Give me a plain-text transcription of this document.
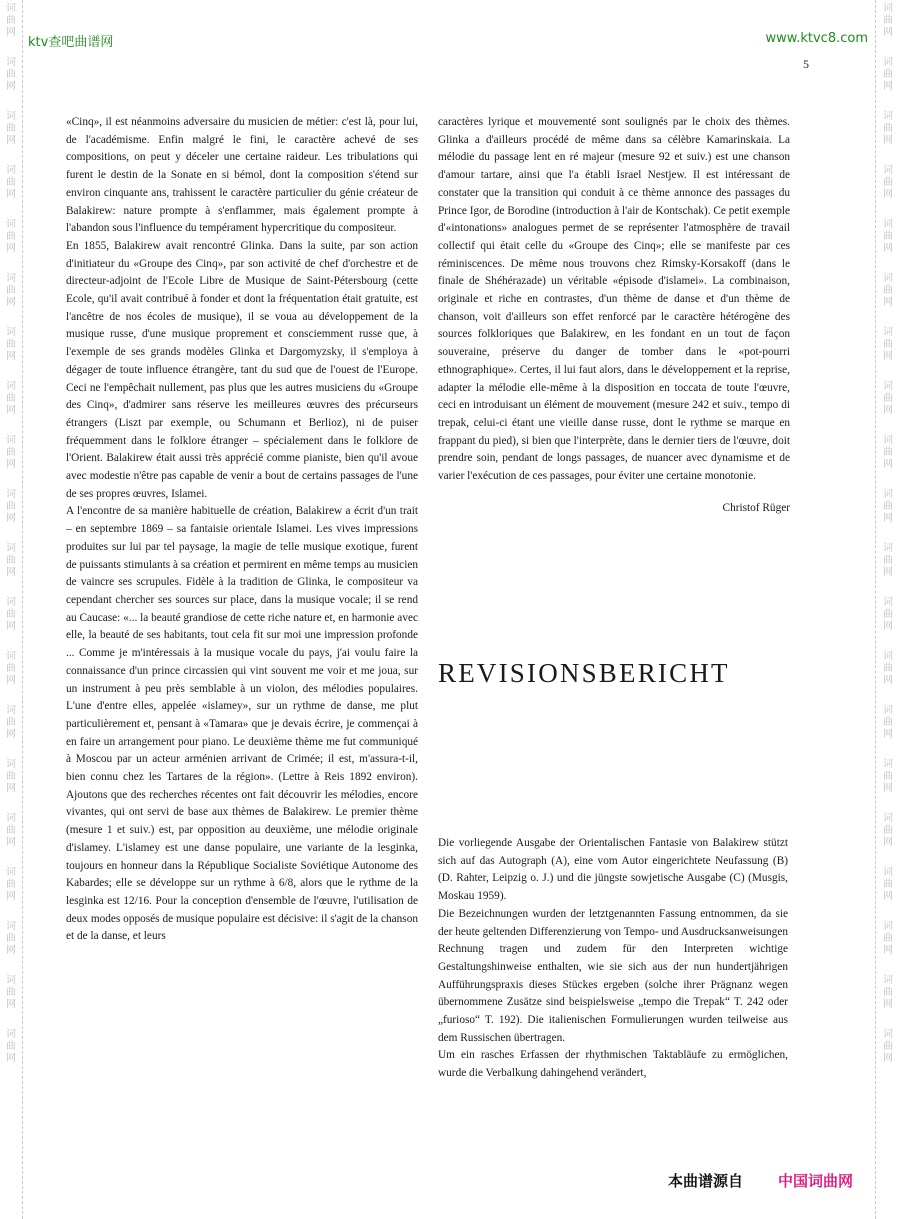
词
曲
网
词
曲
网
词
曲
网
词
曲
网
词
曲
网
词
曲
网
词
曲
网
词
曲
网
词
曲
网
词
曲
网
词
曲
网
词
曲
网
词
曲
网
词
曲
网
词
曲
网
词
曲
网
词
曲
网
词
曲
网
词
曲
网
词
曲
网
词
曲
网
词
曲
网
词
曲
网
词
曲
网
词
曲
网
词
曲
网
词
曲
网
词
曲
网
词
曲
网
词
曲
网
词
曲
网
词
曲
网
词
曲
网
词
曲
网
词
曲
网
词
曲
网
词
曲
网
词
曲
网
词
曲
网
词
曲
网
ktv查吧曲谱网	www.ktvc8.com
5

«Cinq», il est néanmoins adversaire du musicien de métier: c'est là, pour lui, de l'académisme. Enfin malgré le fini, le caractère achevé de ses compositions, on peut y déceler une certaine raideur. Les tribulations qui furent le destin de la Sonate en si bémol, dont la composition s'étend sur environ cinquante ans, trahissent le caractère particulier du génie créateur de Balakirew: nature prompte à s'enflammer, mais également prompte à l'abandon sous l'influence du tempérament hypercritique du compositeur.

En 1855, Balakirew avait rencontré Glinka. Dans la suite, par son action d'initiateur du «Groupe des Cinq», par son activité de chef d'orchestre et de directeur-adjoint de l'Ecole Libre de Musique de Saint-Pétersbourg (cette Ecole, qu'il avait contribué à fonder et dont la fréquentation était gratuite, est l'ancêtre de nos écoles de musique), il se voua au développement de la musique russe, d'une musique proprement et consciemment russe que, à l'exemple de ses grands modèles Glinka et Dargomyzsky, il s'employa à dégager de toute influence étrangère, tant du sud que de l'ouest de l'Europe. Ceci ne l'empêchait nullement, pas plus que les autres musiciens du «Groupe des Cinq», d'admirer sans réserve les meilleures œuvres des précurseurs étrangers (Liszt par exemple, ou Schumann et Berlioz), ni de puiser fréquemment dans le folklore étranger – spécialement dans le folklore de l'Orient. Balakirew était aussi très apprécié comme pianiste, bien qu'il avoue avec modestie n'être pas capable de venir a bout de certains passages de l'une de ses propres œuvres, Islamei.

A l'encontre de sa manière habituelle de création, Balakirew a écrit d'un trait – en septembre 1869 – sa fantaisie orientale Islamei. Les vives impressions produites sur lui par tel paysage, la magie de telle musique exotique, furent de puissants stimulants à sa création et permirent en même temps au musicien de vaincre ses scrupules. Fidèle à la tradition de Glinka, le compositeur va cependant chercher ses sources sur place, dans la musique vocale; il se rend au Caucase: «... la beauté grandiose de cette riche nature et, en harmonie avec elle, la beauté de ses habitants, tout cela fit sur moi une impression profonde ... Comme je m'intéressais à la musique vocale du pays, j'ai voulu faire la connaissance d'un prince circassien qui vint souvent me voir et me joua, sur un instrument à peu près semblable à un violon, des mélodies populaires. L'une d'entre elles, appelée «islamey», sur un rythme de danse, me plut particulièrement et, pensant à «Tamara» que je devais écrire, je commençai à en faire un arrangement pour piano. Le deuxième thème me fut communiqué à Moscou par un acteur arménien arrivant de Crimée; il est, m'assura-t-il, bien connu chez les Tartares de la région». (Lettre à Reis 1892 environ). Ajoutons que des recherches récentes ont fait découvrir les mélodies, encore vivantes, qui ont servi de base aux thèmes de Balakirew. Le premier thème (mesure 1 et suiv.) est, par opposition au deuxième, une mélodie originale d'islamey. L'islamey est une danse populaire, une variante de la lesginka, toujours en honneur dans la République Socialiste Soviétique Autonome des Kabardes; elle se développe sur un rythme à 6/8, alors que le rythme de la lesginka est 12/16. Pour la conception d'ensemble de l'œuvre, l'utilisation de deux modes opposés de musique populaire est décisive: il s'agit de la chanson et de la danse, et leurs

caractères lyrique et mouvementé sont soulignés par le choix des thèmes. Glinka a d'ailleurs procédé de même dans sa célèbre Kamarinskaia. La mélodie du passage lent en ré majeur (mesure 92 et suiv.) est une chanson d'amour tartare, ainsi que l'a établi Israel Nestjew. Il est intéressant de constater que la transition qui conduit à ce thème annonce des passages du Prince Igor, de Borodine (introduction à l'air de Kontschak). Ce petit exemple d'«intonations» analogues permet de se représenter l'atmosphère de travail collectif qui était celle du «Groupe des Cinq»; elle se manifeste par ces réminiscences. De même nous trouvons chez Rimsky-Korsakoff (dans le finale de Shéhérazade) un véritable «épisode d'islamei». La combinaison, originale et riche en contrastes, d'un thème de danse et d'un thème de chanson, voit d'ailleurs son effet renforcé par le caractère hétérogène des sources folkloriques que Balakirew, en les fondant en un tout de façon souveraine, préserve du danger de tomber dans le «pot-pourri ethnographique». Certes, il lui faut alors, dans le développement et la reprise, adapter la mélodie elle-même à la disposition en toccata de toute l'œuvre, ceci en introduisant un élément de mouvement (mesure 242 et suiv., tempo di trepak, celui-ci étant une vieille danse russe, dont le rythme se marque en frappant du pied), si bien que l'interprète, dans le dernier tiers de l'œuvre, doit prendre soin, pendant de longs passages, de nuancer avec dynamisme et de varier l'exécution de ces passages, pour éviter une certaine monotonie.

Christof Rüger

REVISIONSBERICHT

Die vorliegende Ausgabe der Orientalischen Fantasie von Balakirew stützt sich auf das Autograph (A), eine vom Autor eingerichtete Neufassung (B) (D. Rahter, Leipzig o. J.) und die jüngste sowjetische Ausgabe (C) (Musgis, Moskau 1959).

Die Bezeichnungen wurden der letztgenannten Fassung entnommen, da sie der heute geltenden Differenzierung von Tempo- und Ausdrucksanweisungen Rechnung tragen und zudem für den Interpreten wichtige Gestaltungshinweise enthalten, wie sie sich aus der nun hundertjährigen Aufführungspraxis dieses Stückes ergeben (solche ihrer Prägnanz wegen übernommene Zusätze sind beispielsweise „tempo die Trepak“ T. 242 oder „furioso“ T. 192). Die italienischen Formulierungen wurden teilweise aus dem Russischen übertragen.

Um ein rasches Erfassen der rhythmischen Taktabläufe zu ermöglichen, wurde die Verbalkung dahingehend verändert,

本曲谱源自 中国词曲网
